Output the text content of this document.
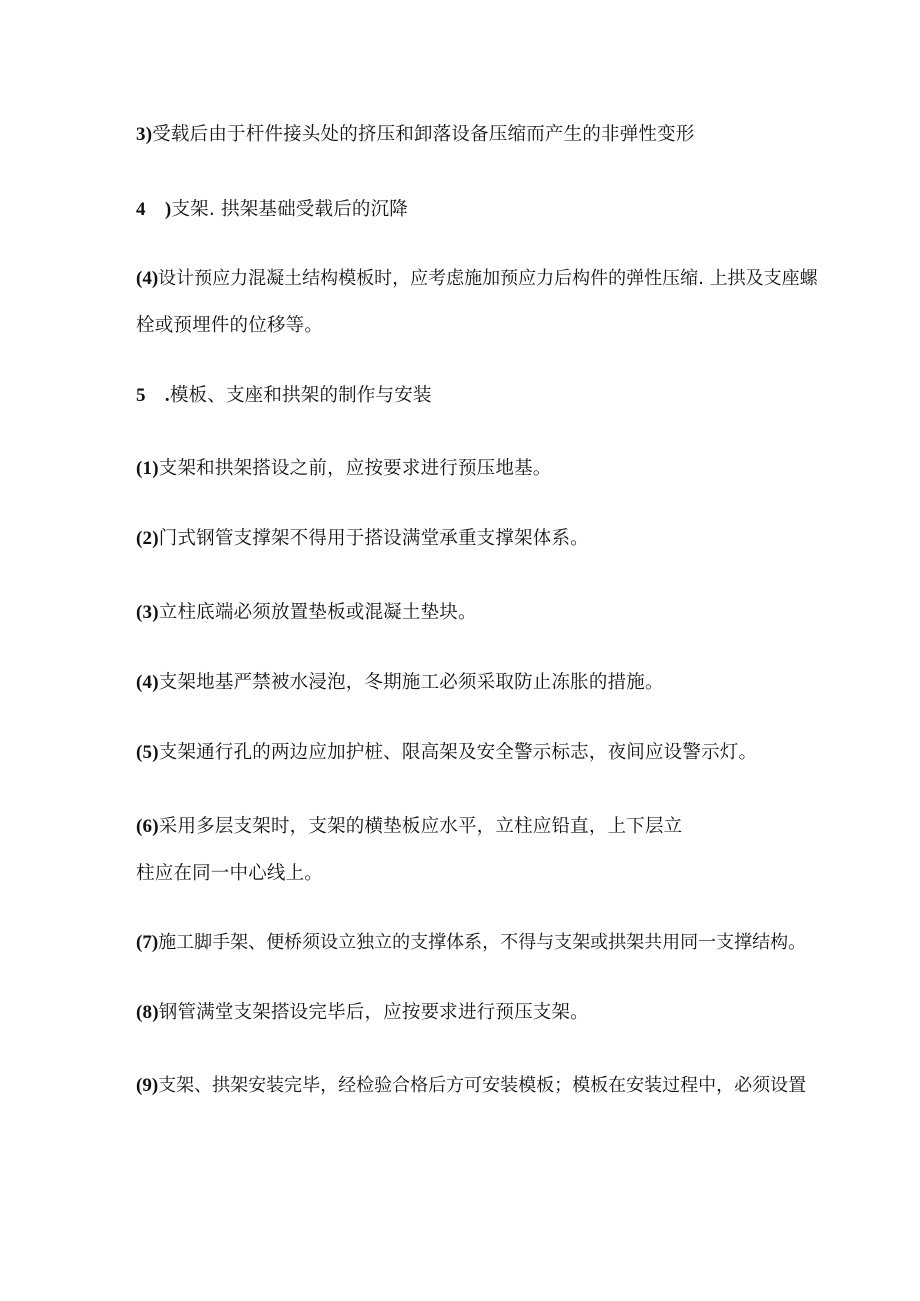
3)受载后由于杆件接头处的挤压和卸落设备压缩而产生的非弹性变形
4　)支架. 拱架基础受载后的沉降
(4)设计预应力混凝土结构模板时，应考虑施加预应力后构件的弹性压缩. 上拱及支座螺
栓或预埋件的位移等。
5　.模板、支座和拱架的制作与安装
(1)支架和拱架搭设之前，应按要求进行预压地基。
(2)门式钢管支撑架不得用于搭设满堂承重支撑架体系。
(3)立柱底端必须放置垫板或混凝土垫块。
(4)支架地基严禁被水浸泡，冬期施工必须采取防止冻胀的措施。
(5)支架通行孔的两边应加护桩、限高架及安全警示标志，夜间应设警示灯。
(6)采用多层支架时，支架的横垫板应水平，立柱应铅直，上下层立
柱应在同一中心线上。
(7)施工脚手架、便桥须设立独立的支撑体系，不得与支架或拱架共用同一支撑结构。
(8)钢管满堂支架搭设完毕后，应按要求进行预压支架。
(9)支架、拱架安装完毕，经检验合格后方可安装模板；模板在安装过程中，必须设置
